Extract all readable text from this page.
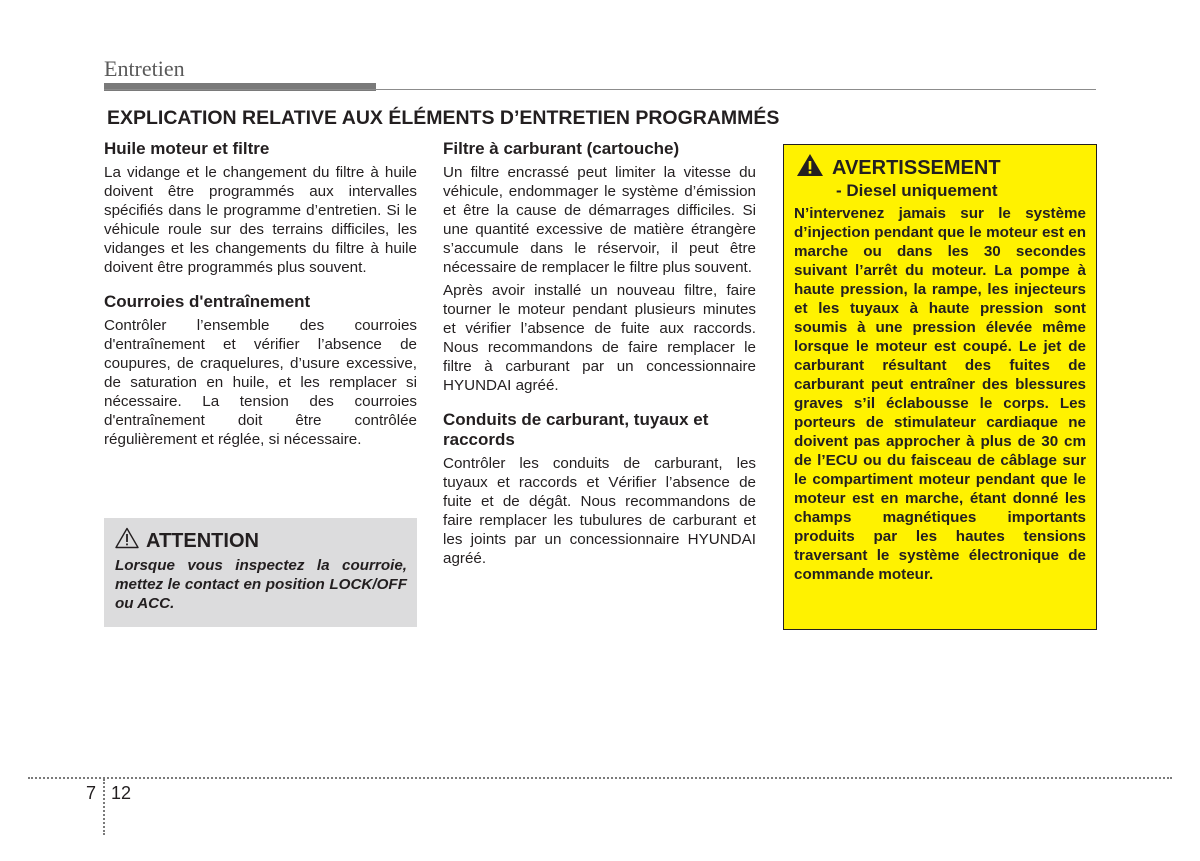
Entretien
EXPLICATION RELATIVE AUX ÉLÉMENTS D’ENTRETIEN PROGRAMMÉS
Huile moteur et filtre

La vidange et le changement du filtre à huile doivent être programmés aux intervalles spécifiés dans le programme d’entretien. Si le véhicule roule sur des terrains difficiles, les vidanges et les changements du filtre à huile doivent être programmés plus souvent.

Courroies d'entraînement

Contrôler l’ensemble des courroies d'entraînement et vérifier l’absence de coupures, de craquelures, d’usure excessive, de saturation en huile, et les remplacer si nécessaire. La tension des courroies d'entraînement doit être contrôlée régulièrement et réglée, si nécessaire.

ATTENTION

Lorsque vous inspectez la courroie, mettez le contact en position LOCK/OFF ou ACC.

Filtre à carburant (cartouche)

Un filtre encrassé peut limiter la vitesse du véhicule, endommager le système d’émission et être la cause de démarrages difficiles. Si une quantité excessive de matière étrangère s’accumule dans le réservoir, il peut être nécessaire de remplacer le filtre plus souvent.

Après avoir installé un nouveau filtre, faire tourner le moteur pendant plusieurs minutes et vérifier l’absence de fuite aux raccords. Nous recommandons de faire remplacer le filtre à carburant par un concessionnaire HYUNDAI agréé.

Conduits de carburant, tuyaux et raccords

Contrôler les conduits de carburant, les tuyaux et raccords et Vérifier l’absence de fuite et de dégât. Nous recommandons de faire remplacer les tubulures de carburant et les joints par un concessionnaire HYUNDAI agréé.

AVERTISSEMENT
- Diesel uniquement

N’intervenez jamais sur le système d’injection pendant que le moteur est en marche ou dans les 30 secondes suivant l’arrêt du moteur. La pompe à haute pression, la rampe, les injecteurs et les tuyaux à haute pression sont soumis à une pression élevée même lorsque le moteur est coupé. Le jet de carburant résultant des fuites de carburant peut entraîner des blessures graves s’il éclabousse le corps. Les porteurs de stimulateur cardiaque ne doivent pas approcher à plus de 30 cm de l’ECU ou du faisceau de câblage sur le compartiment moteur pendant que le moteur est en marche, étant donné les champs magnétiques importants produits par les hautes tensions traversant le système électronique de commande moteur.

7 12
